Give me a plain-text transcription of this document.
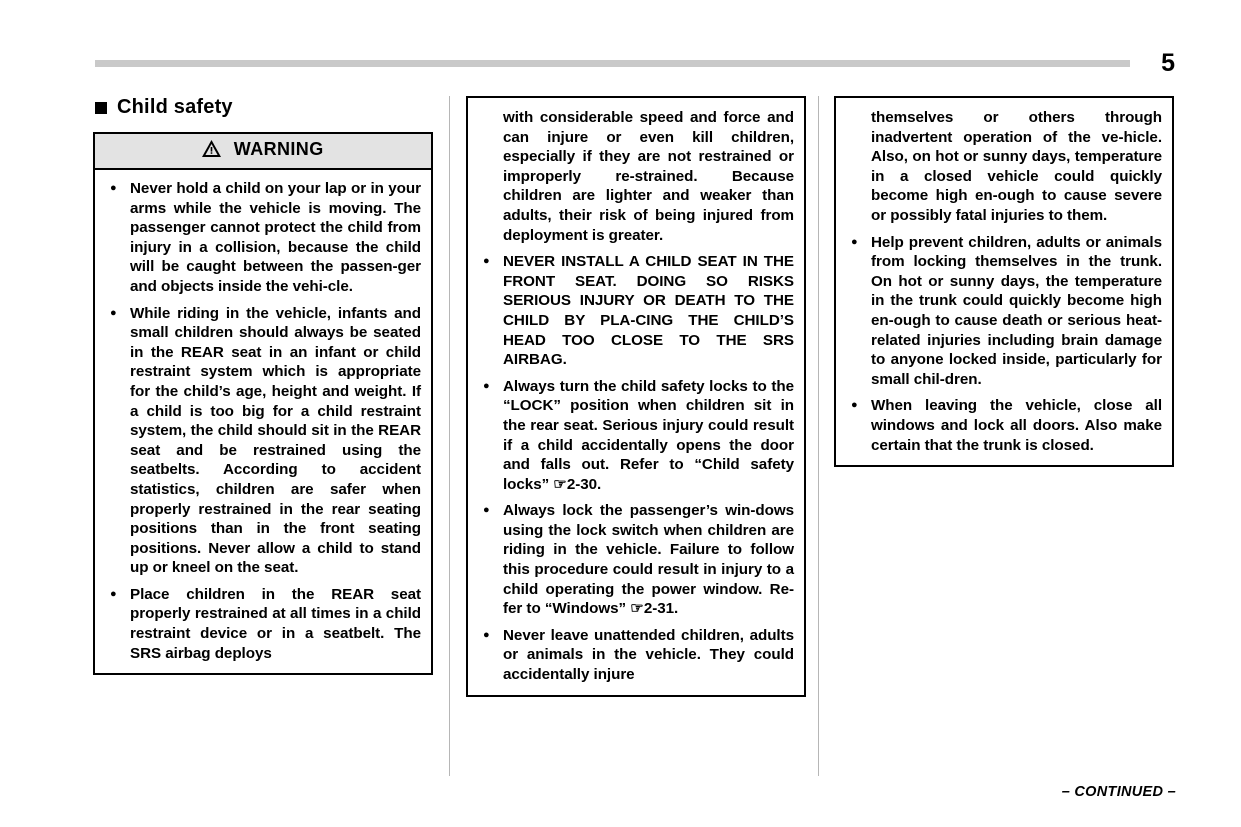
5
Child safety
WARNING
● Never hold a child on your lap or in your arms while the vehicle is moving. The passenger cannot protect the child from injury in a collision, because the child will be caught between the passen-ger and objects inside the vehi-cle.
● While riding in the vehicle, infants and small children should always be seated in the REAR seat in an infant or child restraint system which is appropriate for the child’s age, height and weight. If a child is too big for a child restraint system, the child should sit in the REAR seat and be restrained using the seatbelts. According to accident statistics, children are safer when properly restrained in the rear seating positions than in the front seating positions. Never allow a child to stand up or kneel on the seat.
● Place children in the REAR seat properly restrained at all times in a child restraint device or in a seatbelt. The SRS airbag deploys

with considerable speed and force and can injure or even kill children, especially if they are not restrained or improperly re-strained. Because children are lighter and weaker than adults, their risk of being injured from deployment is greater.

● NEVER INSTALL A CHILD SEAT IN THE FRONT SEAT. DOING SO RISKS SERIOUS INJURY OR DEATH TO THE CHILD BY PLA-CING THE CHILD’S HEAD TOO CLOSE TO THE SRS AIRBAG.
● Always turn the child safety locks to the “LOCK” position when children sit in the rear seat. Serious injury could result if a child accidentally opens the door and falls out. Refer to “Child safety locks” ☞2-30.
● Always lock the passenger’s win-dows using the lock switch when children are riding in the vehicle. Failure to follow this procedure could result in injury to a child operating the power window. Re-fer to “Windows” ☞2-31.
● Never leave unattended children, adults or animals in the vehicle. They could accidentally injure

themselves or others through inadvertent operation of the ve-hicle. Also, on hot or sunny days, temperature in a closed vehicle could quickly become high en-ough to cause severe or possibly fatal injuries to them.

● Help prevent children, adults or animals from locking themselves in the trunk. On hot or sunny days, the temperature in the trunk could quickly become high en-ough to cause death or serious heat-related injuries including brain damage to anyone locked inside, particularly for small chil-dren.
● When leaving the vehicle, close all windows and lock all doors. Also make certain that the trunk is closed.
– CONTINUED –
